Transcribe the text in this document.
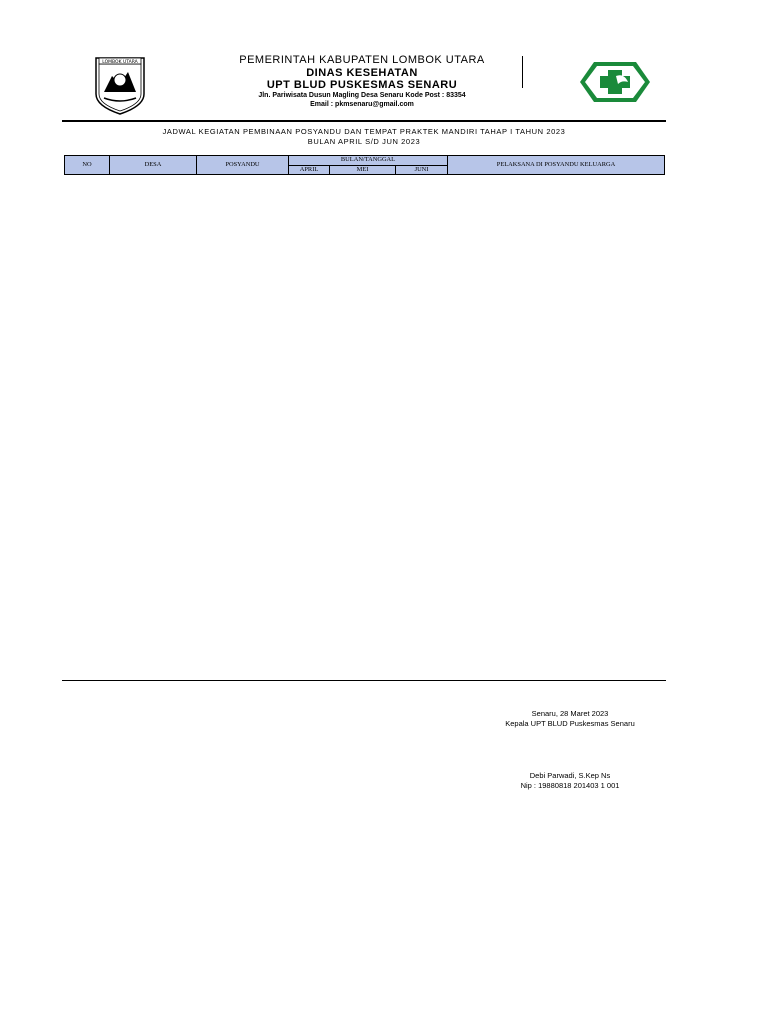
LOMBOK UTARA	PEMERINTAH KABUPATEN LOMBOK UTARA
DINAS KESEHATAN
UPT BLUD PUSKESMAS SENARU
Jln. Pariwisata Dusun Magling Desa Senaru Kode Post : 83354
Email : pkmsenaru@gmail.com
JADWAL KEGIATAN PEMBINAAN POSYANDU DAN TEMPAT PRAKTEK MANDIRI TAHAP I TAHUN 2023
BULAN APRIL S/D JUN 2023
NO	DESA	POSYANDU	BULAN/TANGGAL			PELAKSANA DI POSYANDU KELUARGA
			APRIL	MEI	JUNI	
Senaru, 28 Maret 2023
Kepala UPT BLUD Puskesmas Senaru
Debi Parwadi, S.Kep Ns
Nip : 19880818 201403 1 001
